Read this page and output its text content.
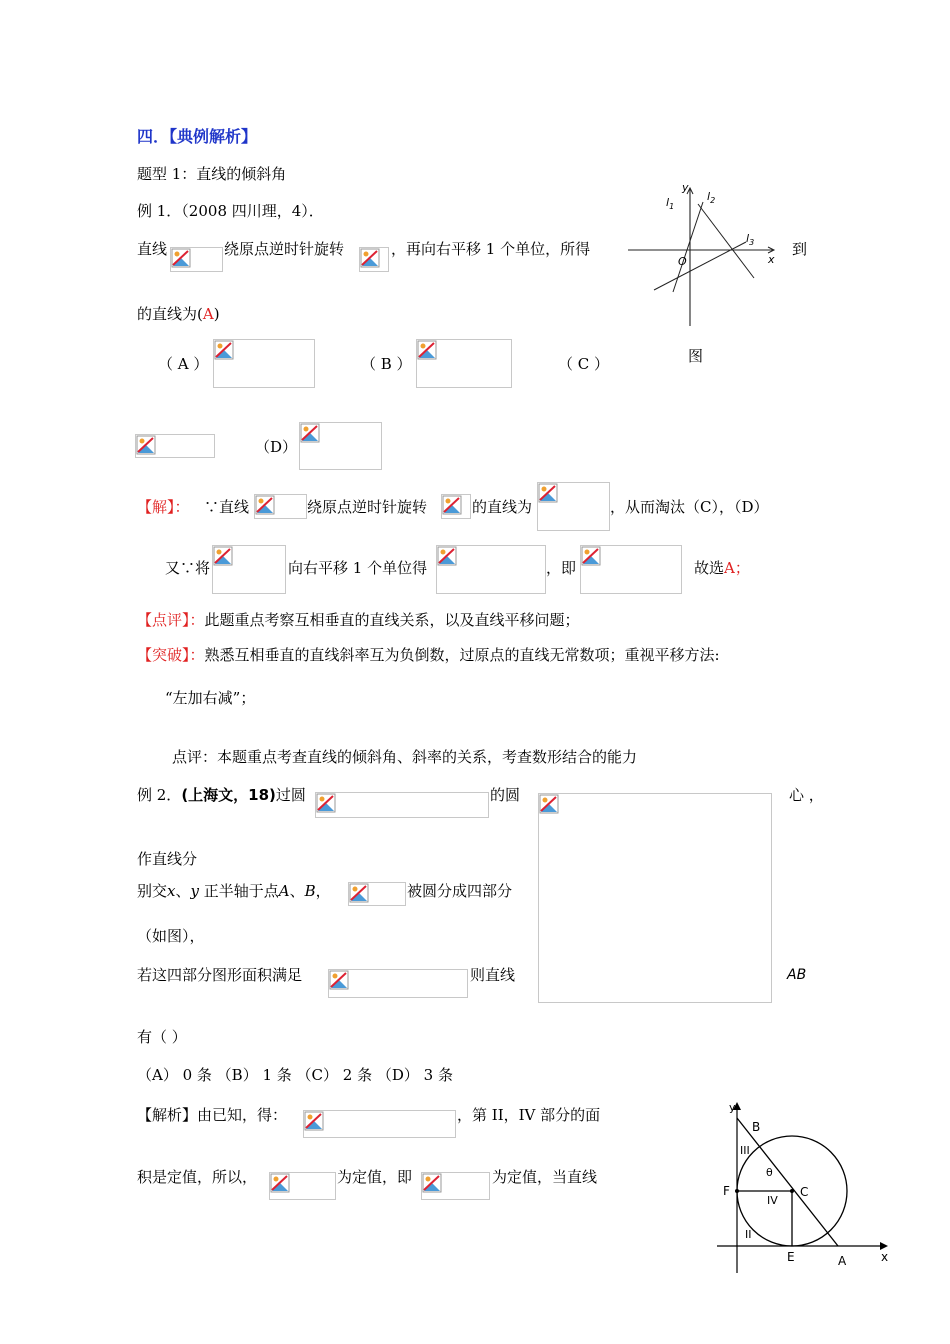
四．【典例解析】
题型 1：直线的倾斜角
例 1．（2008 四川理，4）．
直线	绕原点逆时针旋转	，再向右平移 1 个单位，所得	到
y
x
$l_1$
$l_2$
$l_3$
O
图
的直线为(A)
（ A ）	（ B ）	（ C ）
（D）
【解】： ∵直线	绕原点逆时针旋转	的直线为	，从而淘汰（C），（D）
又∵将	向右平移 1 个单位得	，即	故选A；
【点评】：此题重点考察互相垂直的直线关系，以及直线平移问题；
【突破】：熟悉互相垂直的直线斜率互为负倒数，过原点的直线无常数项；重视平移方法:
“左加右减”；
点评：本题重点考查直线的倾斜角、斜率的关系，考查数形结合的能力
例 2．(上海文，18)过圆	的圆	心 ，
作直线分
别交x、y 正半轴于点A、B，	被圆分成四部分
（如图），
若这四部分图形面积满足	则直线	AB
有（ ）
（A） 0 条 （B） 1 条 （C） 2 条 （D） 3 条
【解析】由已知，得：	，第 II，IV 部分的面
积是定值，所以，	为定值，即	为定值，当直线
y
x
B
III
θ
F	C
IV
II
E	A
